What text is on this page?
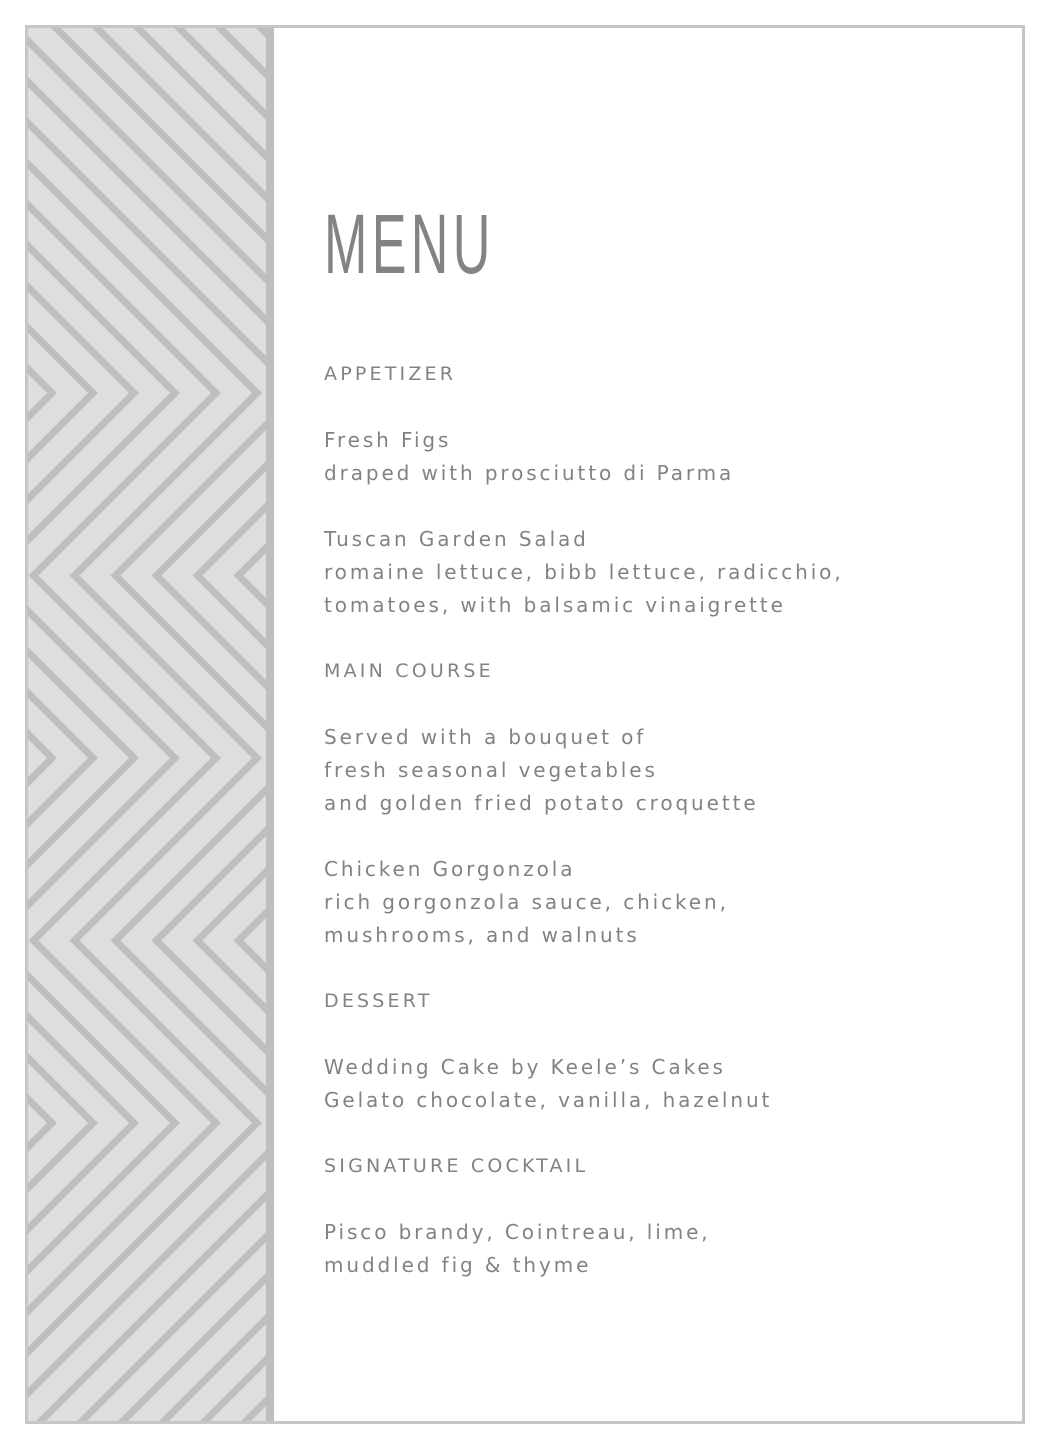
MENU
APPETIZER
Fresh Figs
draped with prosciutto di Parma
Tuscan Garden Salad
romaine lettuce, bibb lettuce, radicchio,
tomatoes, with balsamic vinaigrette
MAIN COURSE
Served with a bouquet of
fresh seasonal vegetables
and golden fried potato croquette
Chicken Gorgonzola
rich gorgonzola sauce, chicken,
mushrooms, and walnuts
DESSERT
Wedding Cake by Keele’s Cakes
Gelato chocolate, vanilla, hazelnut
SIGNATURE COCKTAIL
Pisco brandy, Cointreau, lime,
muddled fig & thyme
